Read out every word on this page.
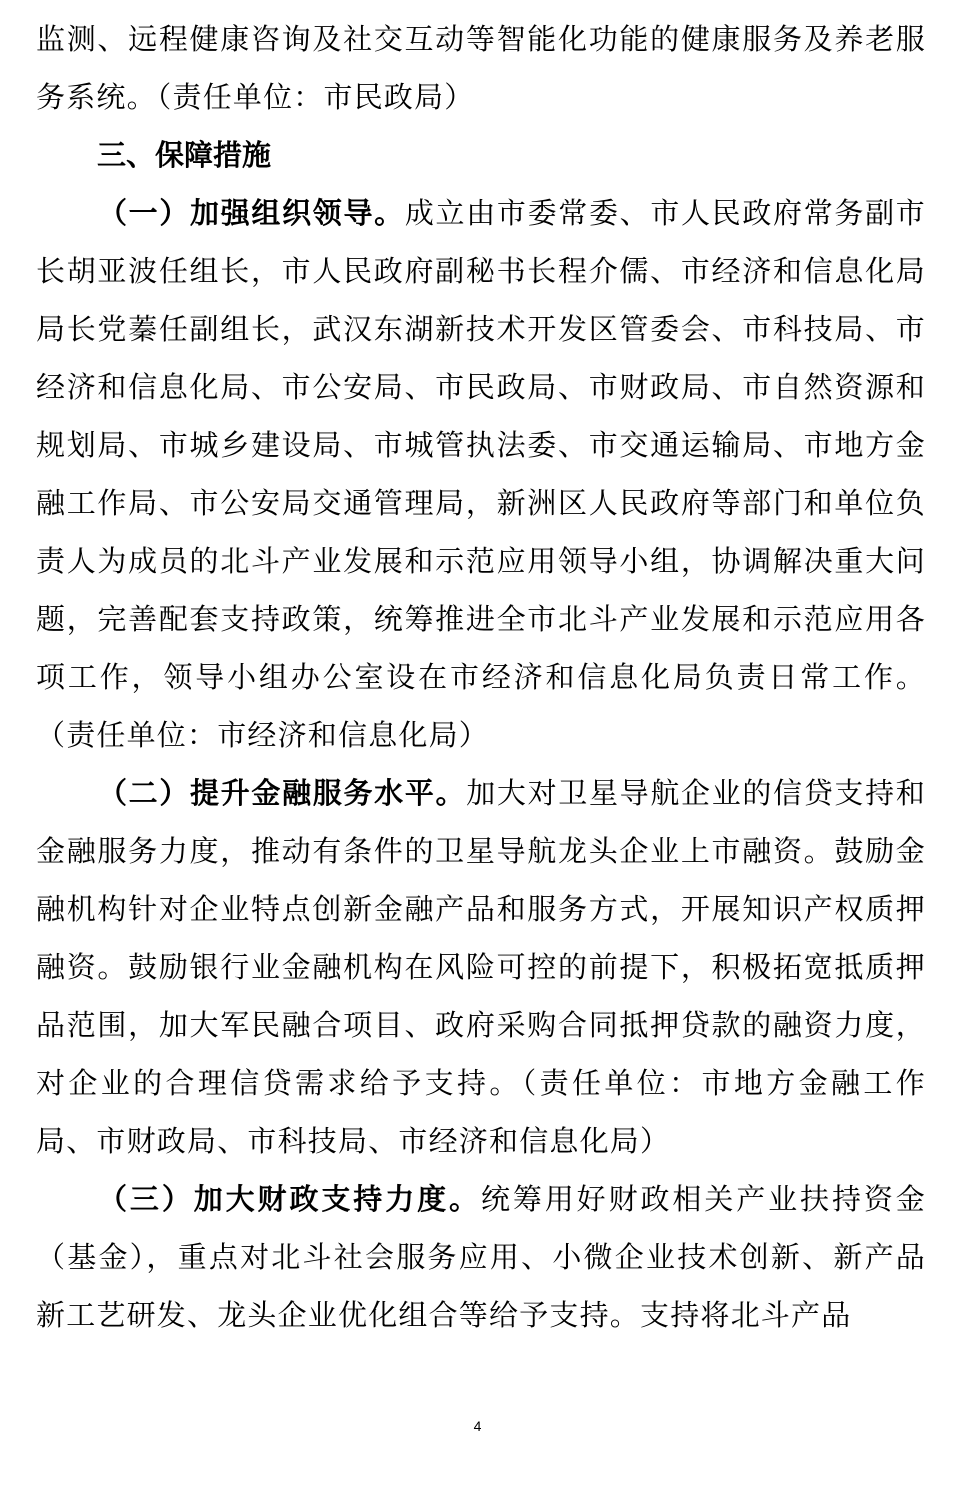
监测、远程健康咨询及社交互动等智能化功能的健康服务及养老服务系统。（责任单位：市民政局）

三、保障措施

（一）加强组织领导。成立由市委常委、市人民政府常务副市长胡亚波任组长，市人民政府副秘书长程介儒、市经济和信息化局局长党蓁任副组长，武汉东湖新技术开发区管委会、市科技局、市经济和信息化局、市公安局、市民政局、市财政局、市自然资源和规划局、市城乡建设局、市城管执法委、市交通运输局、市地方金融工作局、市公安局交通管理局，新洲区人民政府等部门和单位负责人为成员的北斗产业发展和示范应用领导小组，协调解决重大问题，完善配套支持政策，统筹推进全市北斗产业发展和示范应用各项工作，领导小组办公室设在市经济和信息化局负责日常工作。（责任单位：市经济和信息化局）

（二）提升金融服务水平。加大对卫星导航企业的信贷支持和金融服务力度，推动有条件的卫星导航龙头企业上市融资。鼓励金融机构针对企业特点创新金融产品和服务方式，开展知识产权质押融资。鼓励银行业金融机构在风险可控的前提下，积极拓宽抵质押品范围，加大军民融合项目、政府采购合同抵押贷款的融资力度，对企业的合理信贷需求给予支持。（责任单位：市地方金融工作局、市财政局、市科技局、市经济和信息化局）

（三）加大财政支持力度。统筹用好财政相关产业扶持资金（基金），重点对北斗社会服务应用、小微企业技术创新、新产品新工艺研发、龙头企业优化组合等给予支持。支持将北斗产品

4
